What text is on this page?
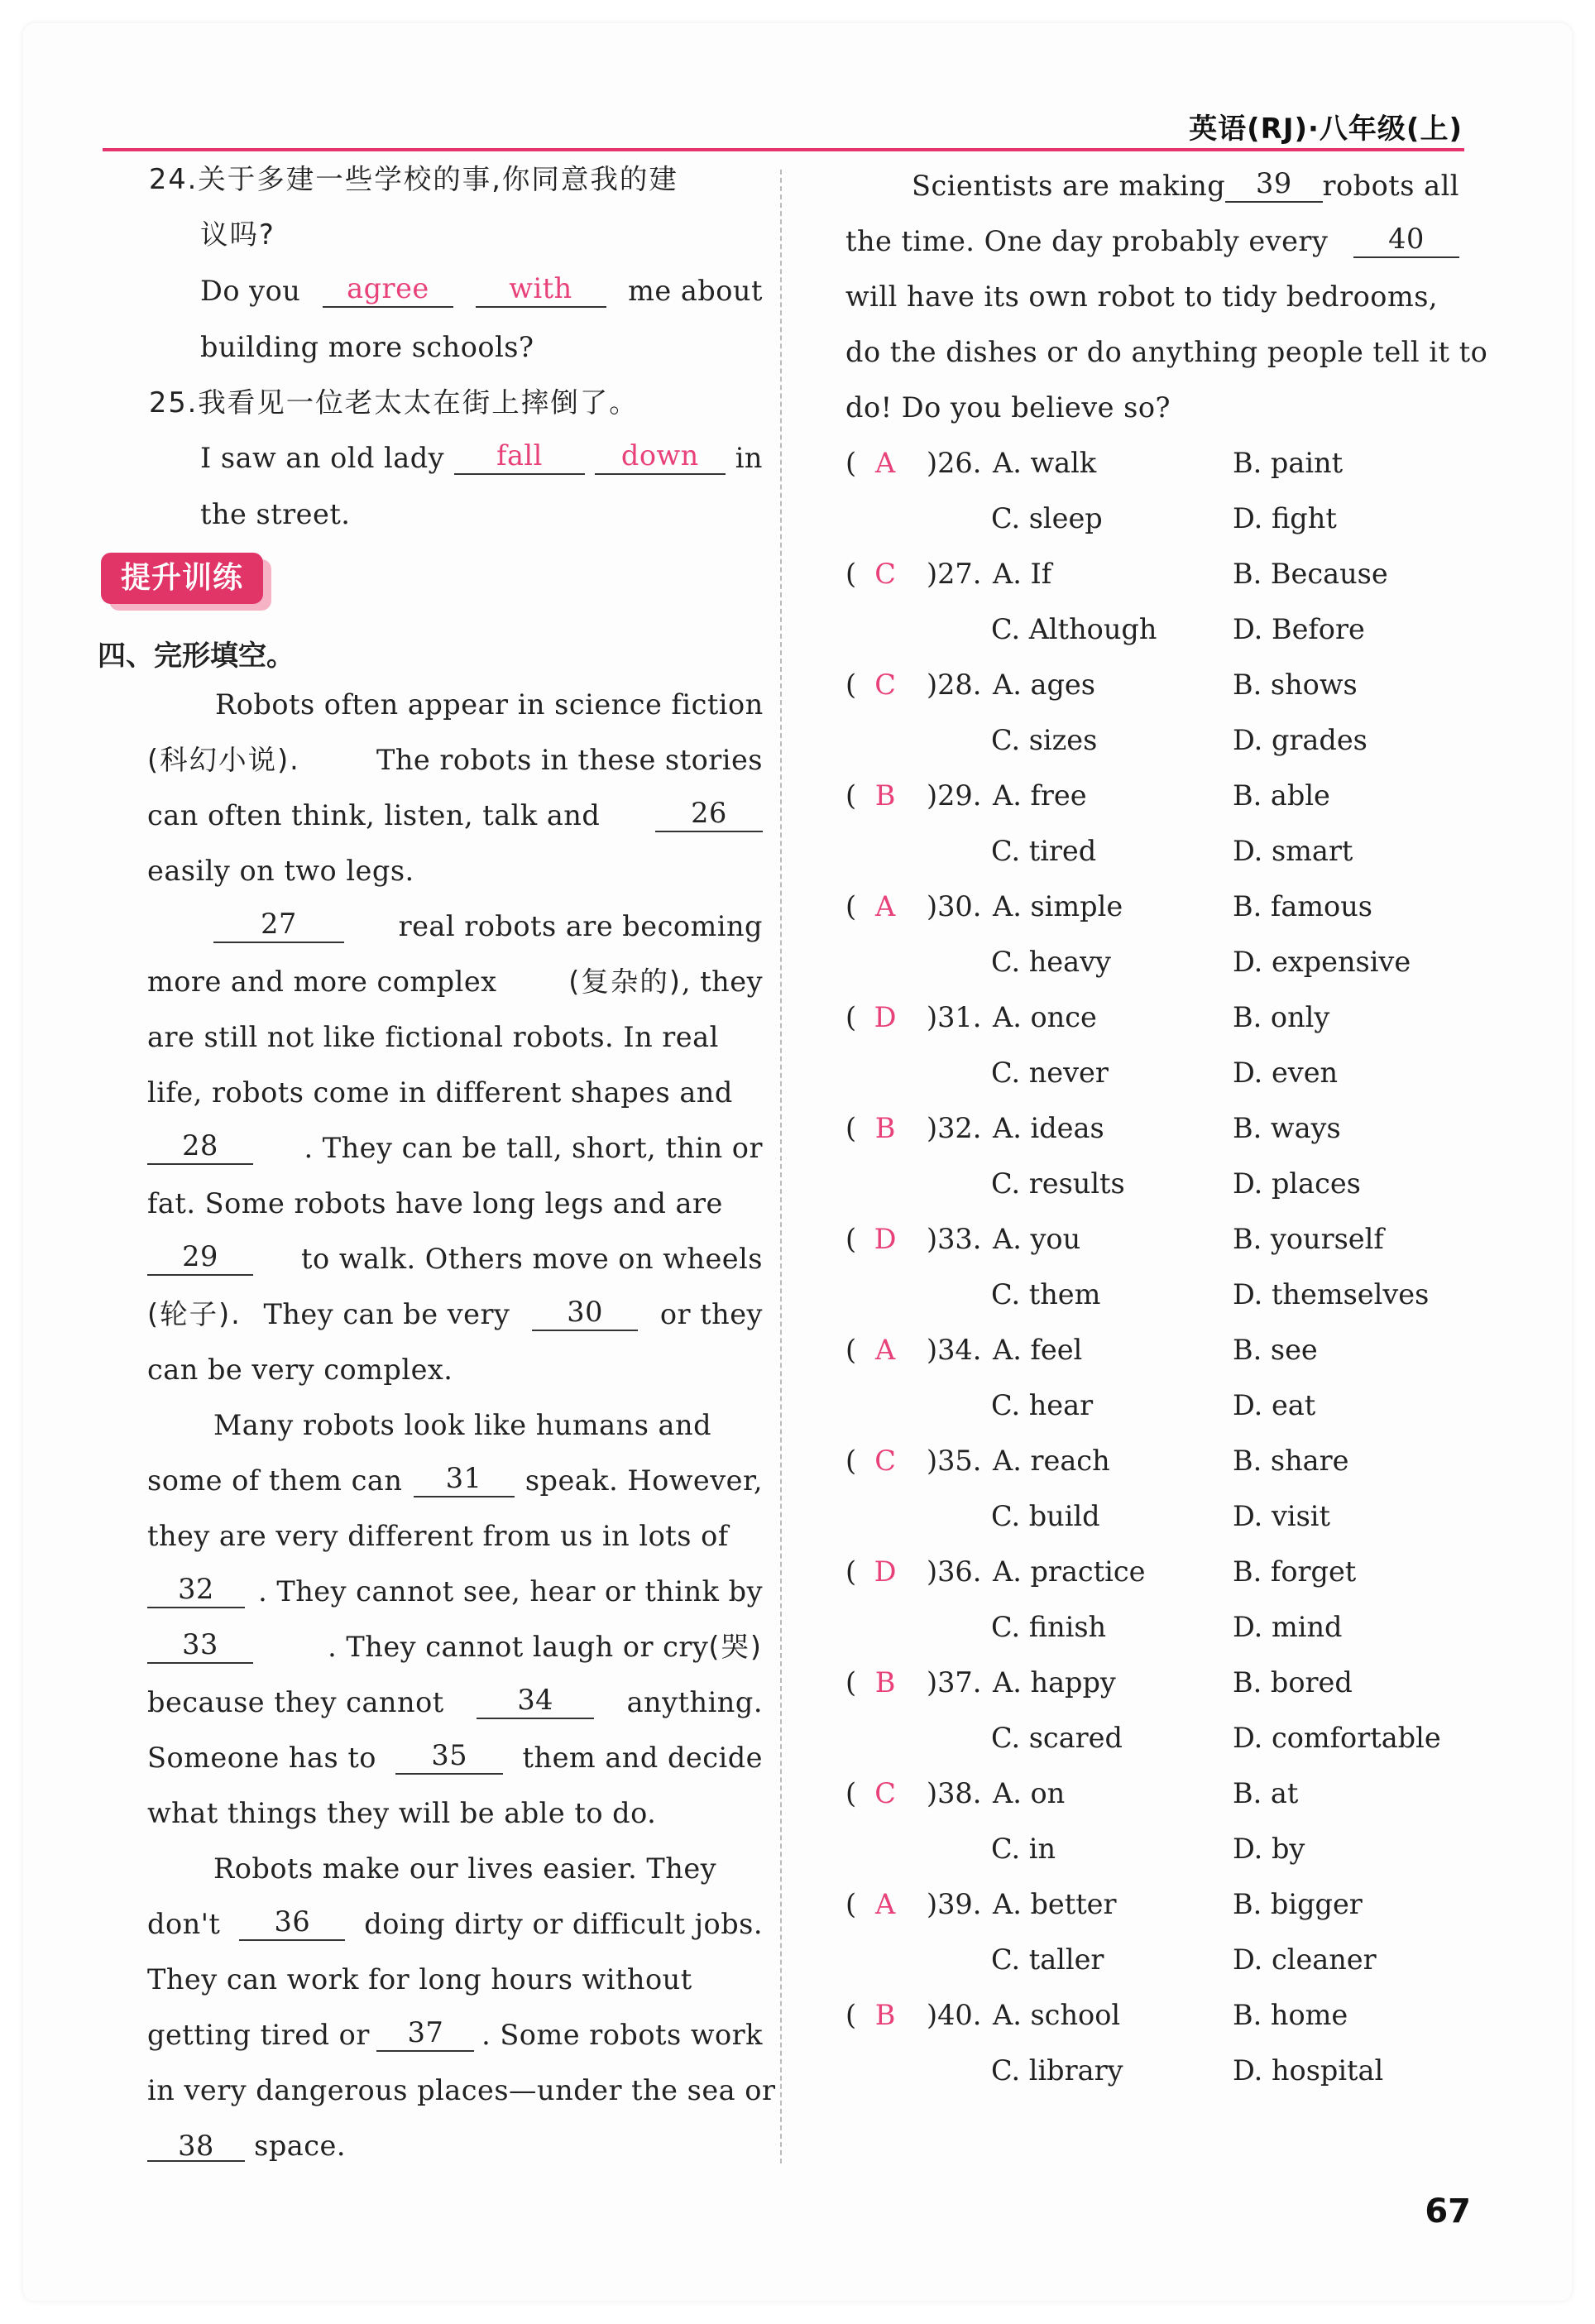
英语(RJ)·八年级(上)
24.关于多建一些学校的事,你同意我的建
议吗?
Do you	agree	with	me about
building more schools?
25.我看见一位老太太在街上摔倒了。
I saw an old lady	fall	down	in
the street.
提升训练
四、完形填空。
Robots often appear in science fiction
(科幻小说).	The robots in these stories
can often think, listen, talk and	26
easily on two legs.
27	real robots are becoming
more and more complex	(复杂的), they
are still not like fictional robots. In real
life, robots come in different shapes and
28	. They can be tall, short, thin or
fat. Some robots have long legs and are
29	to walk. Others move on wheels
(轮子). They can be very	30	or they
can be very complex.
Many robots look like humans and
some of them can	31	speak. However,
they are very different from us in lots of
32	. They cannot see, hear or think by
33	. They cannot laugh or cry(哭)
because they cannot	34	anything.
Someone has to	35	them and decide
what things they will be able to do.
Robots make our lives easier. They
don't	36	doing dirty or difficult jobs.
They can work for long hours without
getting tired or	37	. Some robots work
in very dangerous places—under the sea or
38 space.
Scientists are making	39	robots all
the time. One day probably every	40
will have its own robot to tidy bedrooms,
do the dishes or do anything people tell it to
do! Do you believe so?
( A )26. A. walk	B. paint
C. sleep	D. fight
( C )27. A. If	B. Because
C. Although	D. Before
( C )28. A. ages	B. shows
C. sizes	D. grades
( B )29. A. free	B. able
C. tired	D. smart
( A )30. A. simple	B. famous
C. heavy	D. expensive
( D )31. A. once	B. only
C. never	D. even
( B )32. A. ideas	B. ways
C. results	D. places
( D )33. A. you	B. yourself
C. them	D. themselves
( A )34. A. feel	B. see
C. hear	D. eat
( C )35. A. reach	B. share
C. build	D. visit
( D )36. A. practice	B. forget
C. finish	D. mind
( B )37. A. happy	B. bored
C. scared	D. comfortable
( C )38. A. on	B. at
C. in	D. by
( A )39. A. better	B. bigger
C. taller	D. cleaner
( B )40. A. school	B. home
C. library	D. hospital
67
